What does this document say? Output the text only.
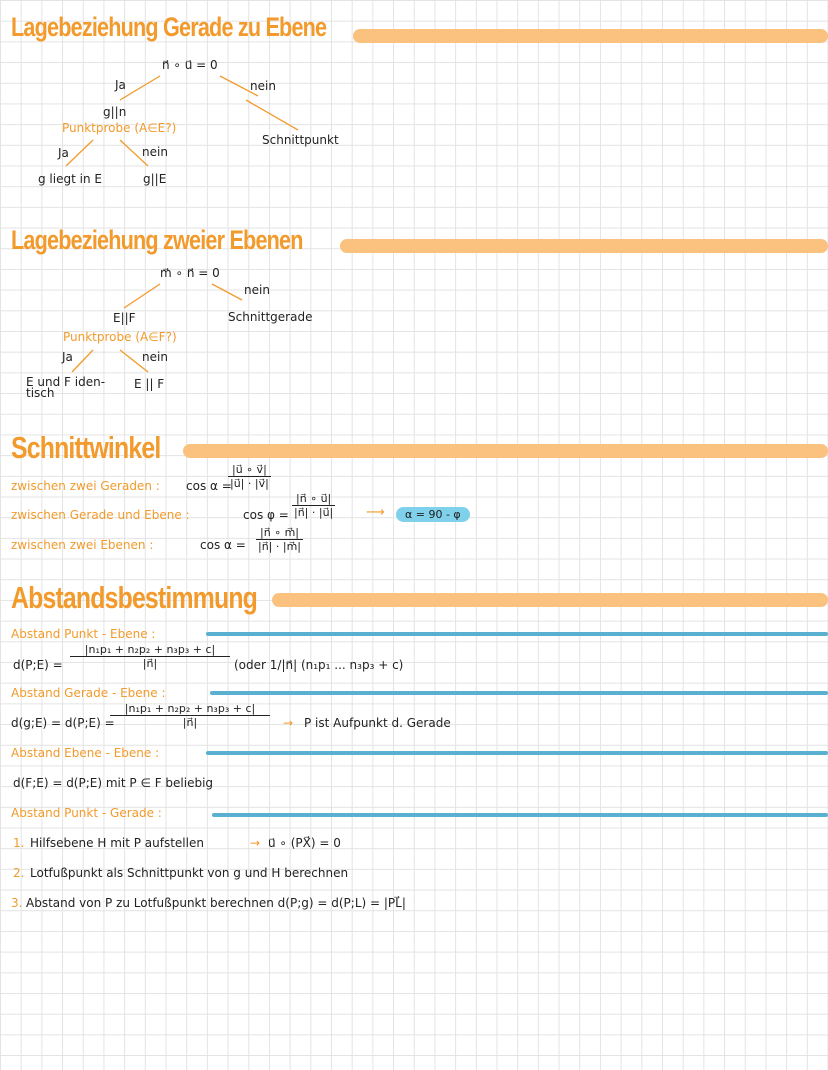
Lagebeziehung Gerade zu Ebene
n⃗ ∘ u⃗ = 0
Ja	nein
g||n
Punktprobe (A∈E?)
Ja	nein
g liegt in E	g||E
Schnittpunkt
Lagebeziehung zweier Ebenen
m⃗ ∘ n⃗ = 0
nein
E||F	Schnittgerade
Punktprobe (A∈F?)
Ja	nein
E und F iden-
tisch
E || F
Schnittwinkel
zwischen zwei Geraden : cos α =
$\frac{|u⃗ \circ v⃗|}{|u⃗| \cdot |v⃗|}$
zwischen Gerade und Ebene :	$\cos \varphi = \frac{|n⃗ \circ u⃗|}{|n⃗| \cdot |u⃗|}$ ⟶	α = 90 - φ
zwischen zwei Ebenen :	$\cos \alpha = \frac{|n⃗ \circ m⃗|}{|n⃗| \cdot |m⃗|}$
Abstandsbestimmung
Abstand Punkt - Ebene :
d(P;E) = $\frac{\text{|n₁p₁ + n₂p₂ + n₃p₃ + c|}}{|n⃗|}$ (oder 1/|n⃗| (n₁p₁ ... n₃p₃ + c)
Abstand Gerade - Ebene :
d(g;E) = d(P;E) =
$\frac{\text{|n₁p₁ + n₂p₂ + n₃p₃ + c|}}{|n⃗|} \to P$ ist Aufpunkt d. Gerade
Abstand Ebene - Ebene :
d(F;E) = d(P;E) mit P ∈ F beliebig
Abstand Punkt - Gerade :
1. Hilfsebene H mit P aufstellen	→ u⃗ ∘ (PX⃗) = 0
2. Lotfußpunkt als Schnittpunkt von g und H berechnen
3. Abstand von P zu Lotfußpunkt berechnen d(P;g) = d(P;L) = |PL⃗|
